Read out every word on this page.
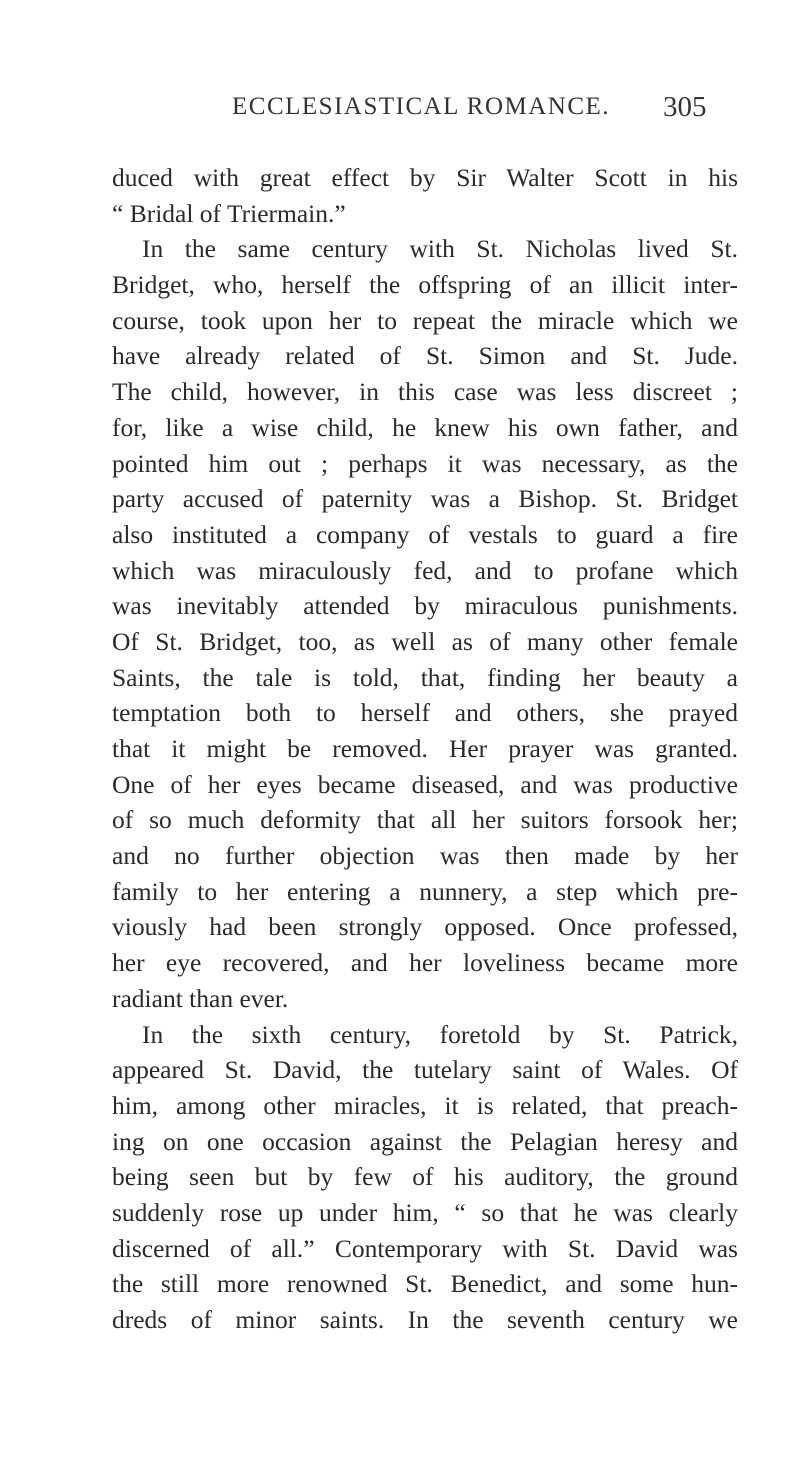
ECCLESIASTICAL ROMANCE. 305
duced with great effect by Sir Walter Scott in his
“ Bridal of Triermain.”
In the same century with St. Nicholas lived St.
Bridget, who, herself the offspring of an illicit inter-
course, took upon her to repeat the miracle which we
have already related of St. Simon and St. Jude.
The child, however, in this case was less discreet ;
for, like a wise child, he knew his own father, and
pointed him out ; perhaps it was necessary, as the
party accused of paternity was a Bishop. St. Bridget
also instituted a company of vestals to guard a fire
which was miraculously fed, and to profane which
was inevitably attended by miraculous punishments.
Of St. Bridget, too, as well as of many other female
Saints, the tale is told, that, finding her beauty a
temptation both to herself and others, she prayed
that it might be removed. Her prayer was granted.
One of her eyes became diseased, and was productive
of so much deformity that all her suitors forsook her;
and no further objection was then made by her
family to her entering a nunnery, a step which pre-
viously had been strongly opposed. Once professed,
her eye recovered, and her loveliness became more
radiant than ever.
In the sixth century, foretold by St. Patrick,
appeared St. David, the tutelary saint of Wales. Of
him, among other miracles, it is related, that preach-
ing on one occasion against the Pelagian heresy and
being seen but by few of his auditory, the ground
suddenly rose up under him, “ so that he was clearly
discerned of all.” Contemporary with St. David was
the still more renowned St. Benedict, and some hun-
dreds of minor saints. In the seventh century we
